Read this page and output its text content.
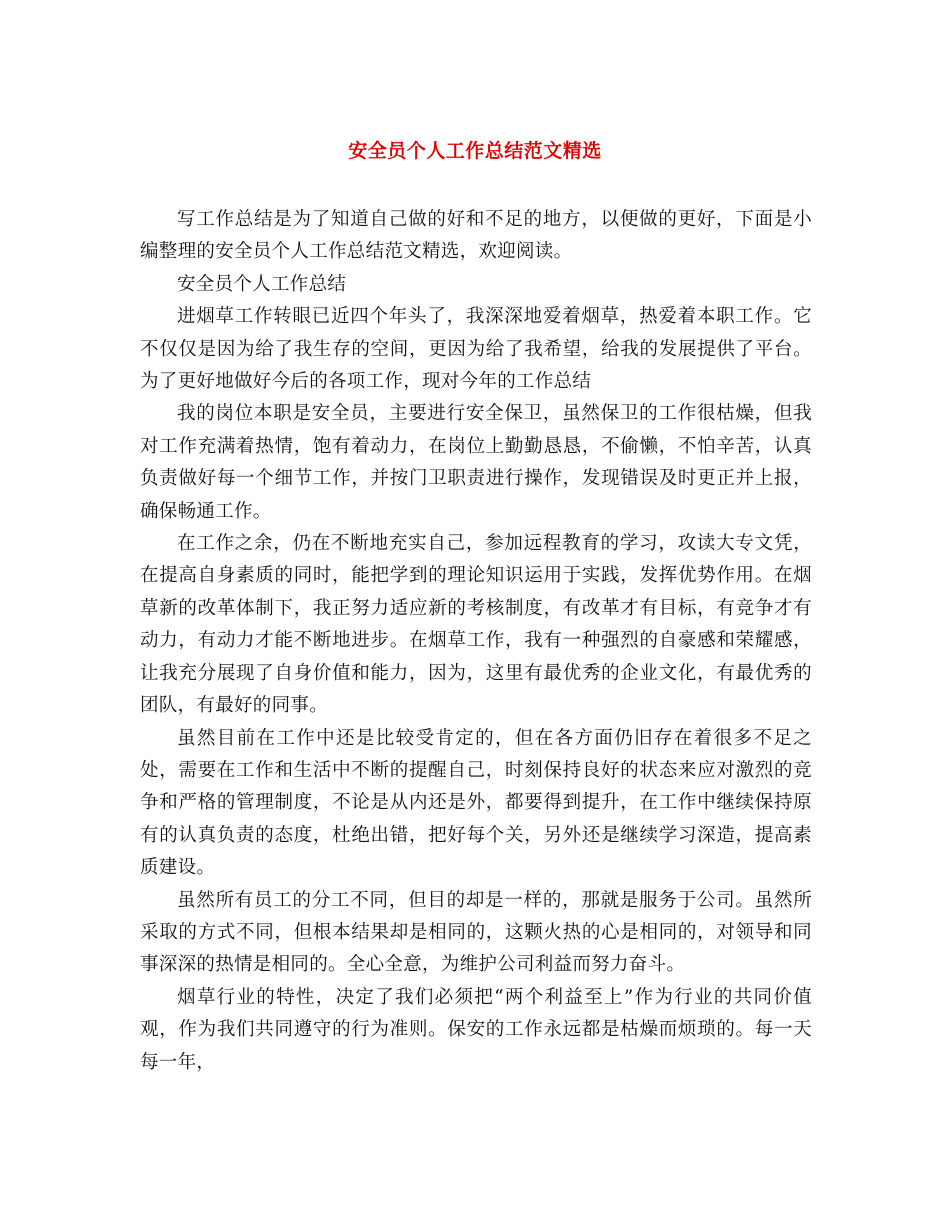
安全员个人工作总结范文精选

写工作总结是为了知道自己做的好和不足的地方，以便做的更好，下面是小编整理的安全员个人工作总结范文精选，欢迎阅读。

安全员个人工作总结

进烟草工作转眼已近四个年头了，我深深地爱着烟草，热爱着本职工作。它不仅仅是因为给了我生存的空间，更因为给了我希望，给我的发展提供了平台。为了更好地做好今后的各项工作，现对今年的工作总结

我的岗位本职是安全员，主要进行安全保卫，虽然保卫的工作很枯燥，但我对工作充满着热情，饱有着动力，在岗位上勤勤恳恳，不偷懒，不怕辛苦，认真负责做好每一个细节工作，并按门卫职责进行操作，发现错误及时更正并上报，确保畅通工作。

在工作之余，仍在不断地充实自己，参加远程教育的学习，攻读大专文凭，在提高自身素质的同时，能把学到的理论知识运用于实践，发挥优势作用。在烟草新的改革体制下，我正努力适应新的考核制度，有改革才有目标，有竞争才有动力，有动力才能不断地进步。在烟草工作，我有一种强烈的自豪感和荣耀感，让我充分展现了自身价值和能力，因为，这里有最优秀的企业文化，有最优秀的团队，有最好的同事。

虽然目前在工作中还是比较受肯定的，但在各方面仍旧存在着很多不足之处，需要在工作和生活中不断的提醒自己，时刻保持良好的状态来应对激烈的竞争和严格的管理制度，不论是从内还是外，都要得到提升，在工作中继续保持原有的认真负责的态度，杜绝出错，把好每个关，另外还是继续学习深造，提高素质建设。

虽然所有员工的分工不同，但目的却是一样的，那就是服务于公司。虽然所采取的方式不同，但根本结果却是相同的，这颗火热的心是相同的，对领导和同事深深的热情是相同的。全心全意，为维护公司利益而努力奋斗。

烟草行业的特性，决定了我们必须把“两个利益至上”作为行业的共同价值观，作为我们共同遵守的行为准则。保安的工作永远都是枯燥而烦琐的。每一天每一年，
